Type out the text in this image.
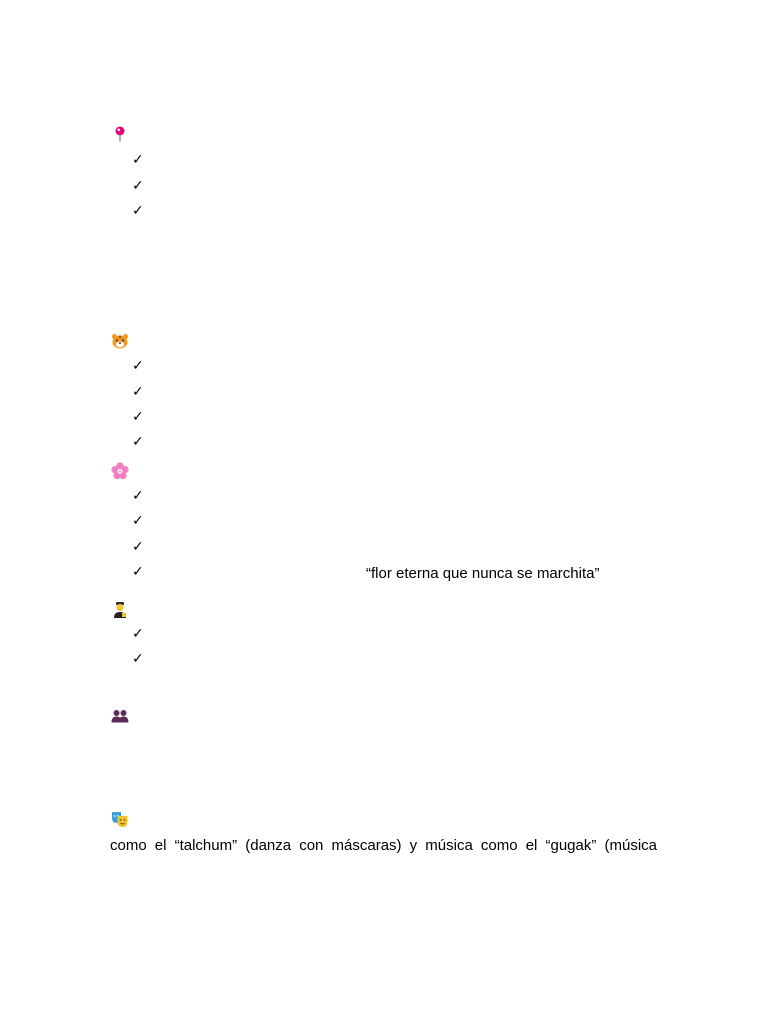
✓
✓
✓
✓
✓
✓
✓
✓
✓
✓
✓	“flor eterna que nunca se marchita”
✓
✓
como el “talchum” (danza con máscaras) y música como el “gugak” (música
